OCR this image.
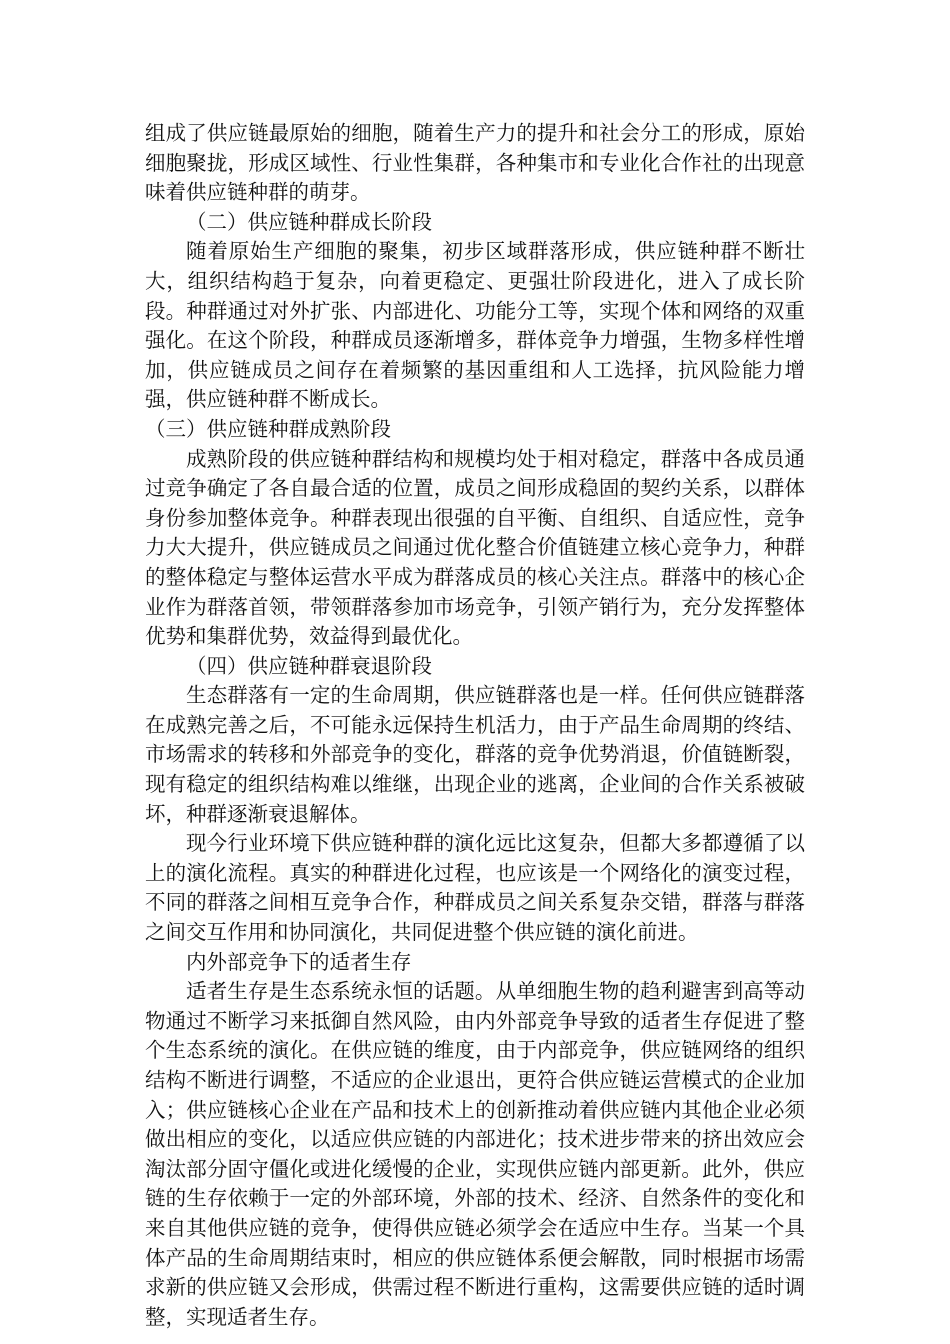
组成了供应链最原始的细胞，随着生产力的提升和社会分工的形成，原始细胞聚拢，形成区域性、行业性集群，各种集市和专业化合作社的出现意味着供应链种群的萌芽。

（二）供应链种群成长阶段

随着原始生产细胞的聚集，初步区域群落形成，供应链种群不断壮大，组织结构趋于复杂，向着更稳定、更强壮阶段进化，进入了成长阶段。种群通过对外扩张、内部进化、功能分工等，实现个体和网络的双重强化。在这个阶段，种群成员逐渐增多，群体竞争力增强，生物多样性增加，供应链成员之间存在着频繁的基因重组和人工选择，抗风险能力增强，供应链种群不断成长。

（三）供应链种群成熟阶段

成熟阶段的供应链种群结构和规模均处于相对稳定，群落中各成员通过竞争确定了各自最合适的位置，成员之间形成稳固的契约关系，以群体身份参加整体竞争。种群表现出很强的自平衡、自组织、自适应性，竞争力大大提升，供应链成员之间通过优化整合价值链建立核心竞争力，种群的整体稳定与整体运营水平成为群落成员的核心关注点。群落中的核心企业作为群落首领，带领群落参加市场竞争，引领产销行为，充分发挥整体优势和集群优势，效益得到最优化。

（四）供应链种群衰退阶段

生态群落有一定的生命周期，供应链群落也是一样。任何供应链群落在成熟完善之后，不可能永远保持生机活力，由于产品生命周期的终结、市场需求的转移和外部竞争的变化，群落的竞争优势消退，价值链断裂，现有稳定的组织结构难以维继，出现企业的逃离，企业间的合作关系被破坏，种群逐渐衰退解体。

现今行业环境下供应链种群的演化远比这复杂，但都大多都遵循了以上的演化流程。真实的种群进化过程，也应该是一个网络化的演变过程，不同的群落之间相互竞争合作，种群成员之间关系复杂交错，群落与群落之间交互作用和协同演化，共同促进整个供应链的演化前进。

内外部竞争下的适者生存

适者生存是生态系统永恒的话题。从单细胞生物的趋利避害到高等动物通过不断学习来抵御自然风险，由内外部竞争导致的适者生存促进了整个生态系统的演化。在供应链的维度，由于内部竞争，供应链网络的组织结构不断进行调整，不适应的企业退出，更符合供应链运营模式的企业加入；供应链核心企业在产品和技术上的创新推动着供应链内其他企业必须做出相应的变化，以适应供应链的内部进化；技术进步带来的挤出效应会淘汰部分固守僵化或进化缓慢的企业，实现供应链内部更新。此外，供应链的生存依赖于一定的外部环境，外部的技术、经济、自然条件的变化和来自其他供应链的竞争，使得供应链必须学会在适应中生存。当某一个具体产品的生命周期结束时，相应的供应链体系便会解散，同时根据市场需求新的供应链又会形成，供需过程不断进行重构，这需要供应链的适时调整，实现适者生存。
